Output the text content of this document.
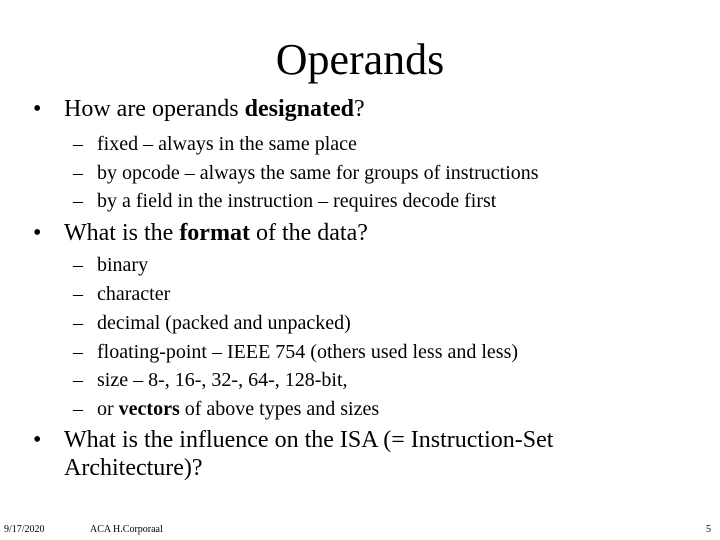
Operands
• How are operands designated?
– fixed – always in the same place
– by opcode – always the same for groups of instructions
– by a field in the instruction – requires decode first
• What is the format of the data?
– binary
– character
– decimal (packed and unpacked)
– floating-point – IEEE 754 (others used less and less)
– size – 8-, 16-, 32-, 64-, 128-bit,
– or vectors of above types and sizes
• What is the influence on the ISA (= Instruction-Set Architecture)?
9/17/2020	ACA H.Corporaal	5
